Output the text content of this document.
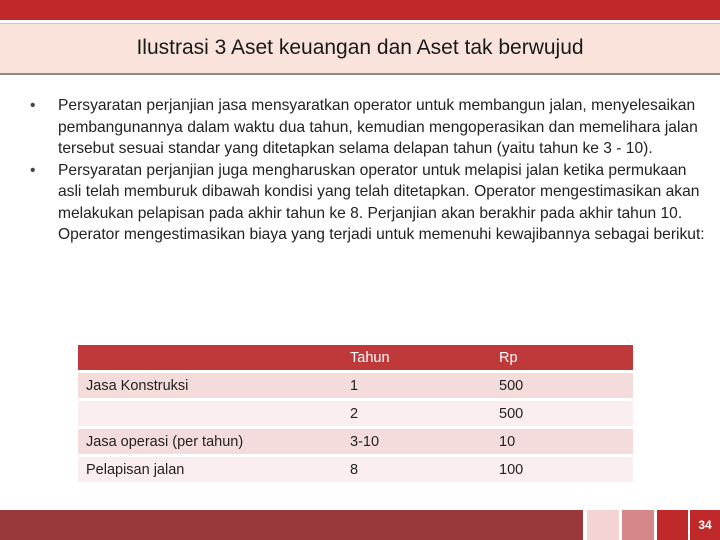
Ilustrasi 3 Aset keuangan dan Aset tak berwujud
•	Persyaratan perjanjian jasa mensyaratkan operator untuk membangun jalan, menyelesaikan pembangunannya dalam waktu dua tahun, kemudian mengoperasikan dan memelihara jalan tersebut sesuai standar yang ditetapkan selama delapan tahun (yaitu tahun ke 3 - 10).
•	Persyaratan perjanjian juga mengharuskan operator untuk melapisi jalan ketika permukaan asli telah memburuk dibawah kondisi yang telah ditetapkan. Operator mengestimasikan akan melakukan pelapisan pada akhir tahun ke 8. Perjanjian akan berakhir pada akhir tahun 10. Operator mengestimasikan biaya yang terjadi untuk memenuhi kewajibannya sebagai berikut:
	Tahun	Rp
Jasa Konstruksi	1	500
	2	500
Jasa operasi (per tahun)	3-10	10
Pelapisan jalan	8	100
34
